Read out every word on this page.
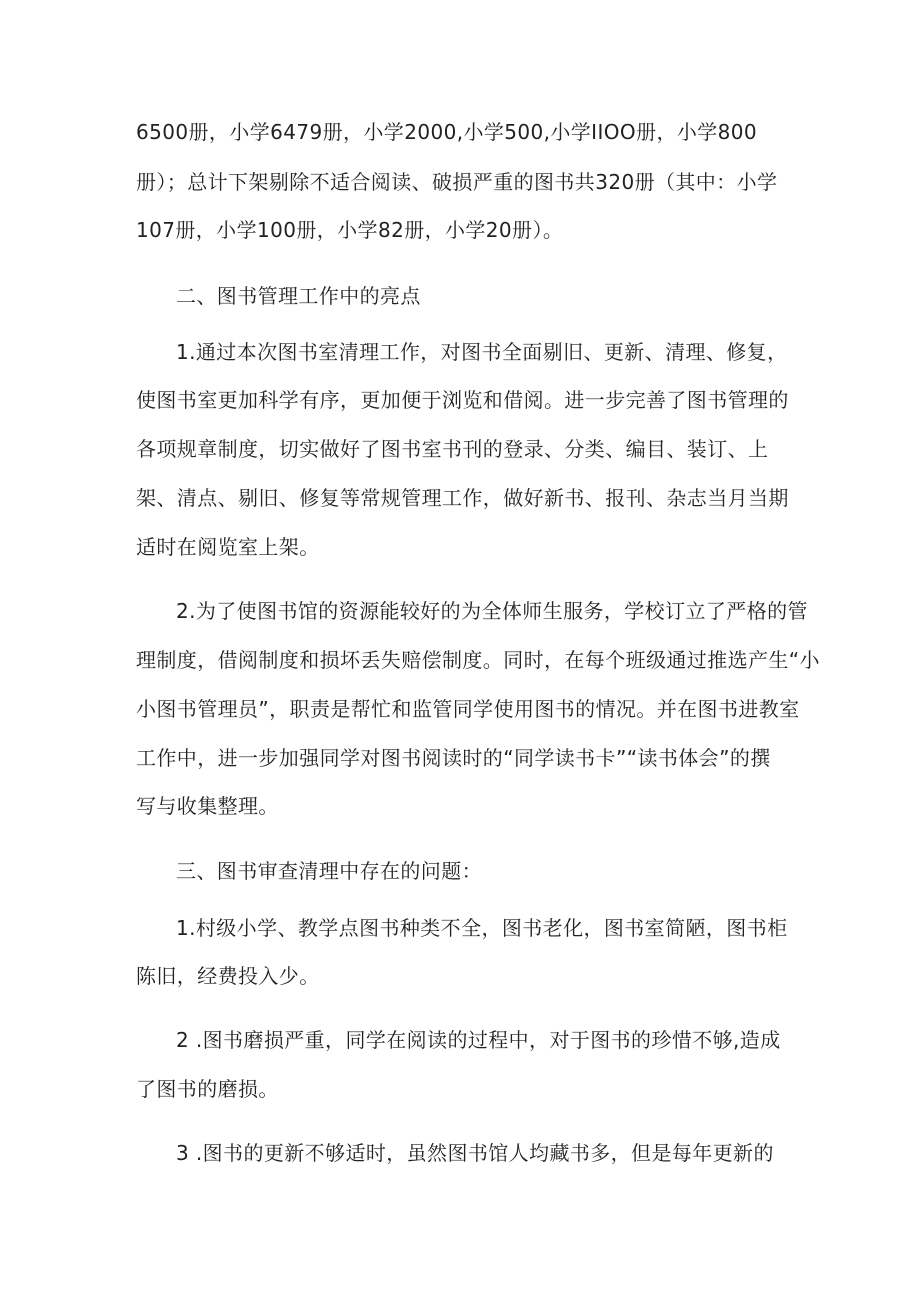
6500册，小学6479册，小学2000,小学500,小学IIOO册，小学800
册）；总计下架剔除不适合阅读、破损严重的图书共320册（其中：小学
107册，小学100册，小学82册，小学20册）。
二、图书管理工作中的亮点
1.通过本次图书室清理工作，对图书全面剔旧、更新、清理、修复，
使图书室更加科学有序，更加便于浏览和借阅。进一步完善了图书管理的
各项规章制度，切实做好了图书室书刊的登录、分类、编目、装订、上
架、清点、剔旧、修复等常规管理工作，做好新书、报刊、杂志当月当期
适时在阅览室上架。
2.为了使图书馆的资源能较好的为全体师生服务，学校订立了严格的管
理制度，借阅制度和损坏丢失赔偿制度。同时，在每个班级通过推选产生“小
小图书管理员”，职责是帮忙和监管同学使用图书的情况。并在图书进教室
工作中，进一步加强同学对图书阅读时的“同学读书卡”“读书体会”的撰
写与收集整理。
三、图书审查清理中存在的问题：
1.村级小学、教学点图书种类不全，图书老化，图书室简陋，图书柜
陈旧，经费投入少。
2 .图书磨损严重，同学在阅读的过程中，对于图书的珍惜不够,造成
了图书的磨损。
3 .图书的更新不够适时，虽然图书馆人均藏书多，但是每年更新的
